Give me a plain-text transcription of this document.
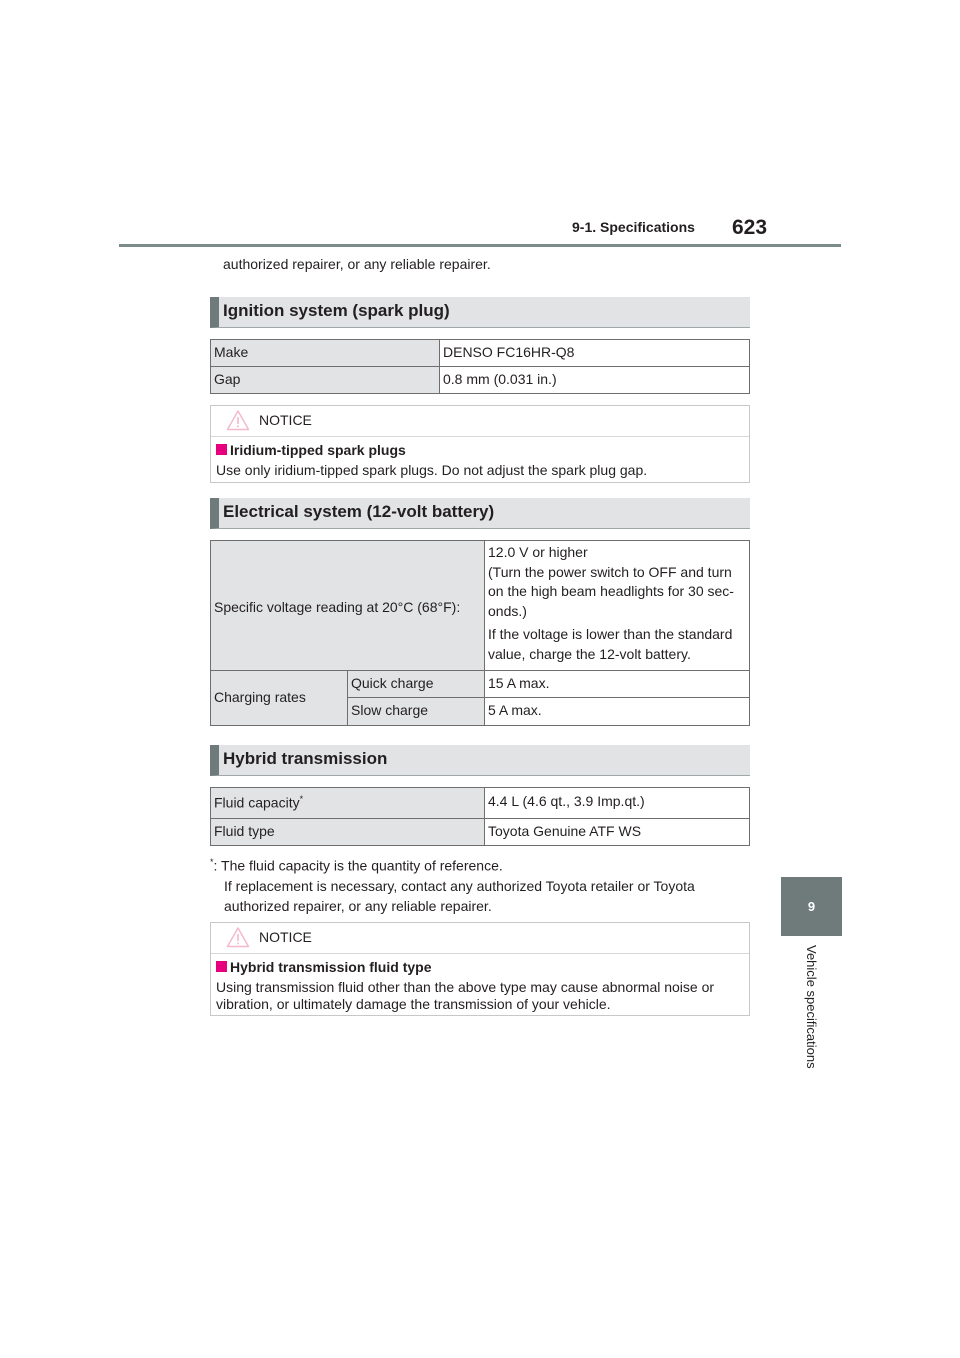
9-1. Specifications 623
9
Vehicle specifications
authorized repairer, or any reliable repairer.
Ignition system (spark plug)
Make	DENSO FC16HR-Q8
Gap	0.8 mm (0.031 in.)
NOTICE
Iridium-tipped spark plugs
Use only iridium-tipped spark plugs. Do not adjust the spark plug gap.
Electrical system (12-volt battery)
Specific voltage reading at 20°C (68°F):		12.0 V or higher
(Turn the power switch to OFF and turn on the high beam headlights for 30 sec-onds.)
If the voltage is lower than the standard value, charge the 12-volt battery.

Charging rates	Quick charge	15 A max.
	Slow charge	5 A max.
Hybrid transmission
Fluid capacity*	4.4 L (4.6 qt., 3.9 Imp.qt.)
Fluid type	Toyota Genuine ATF WS
*: The fluid capacity is the quantity of reference.
If replacement is necessary, contact any authorized Toyota retailer or Toyota
authorized repairer, or any reliable repairer.
NOTICE
Hybrid transmission fluid type
Using transmission fluid other than the above type may cause abnormal noise or vibration, or ultimately damage the transmission of your vehicle.
